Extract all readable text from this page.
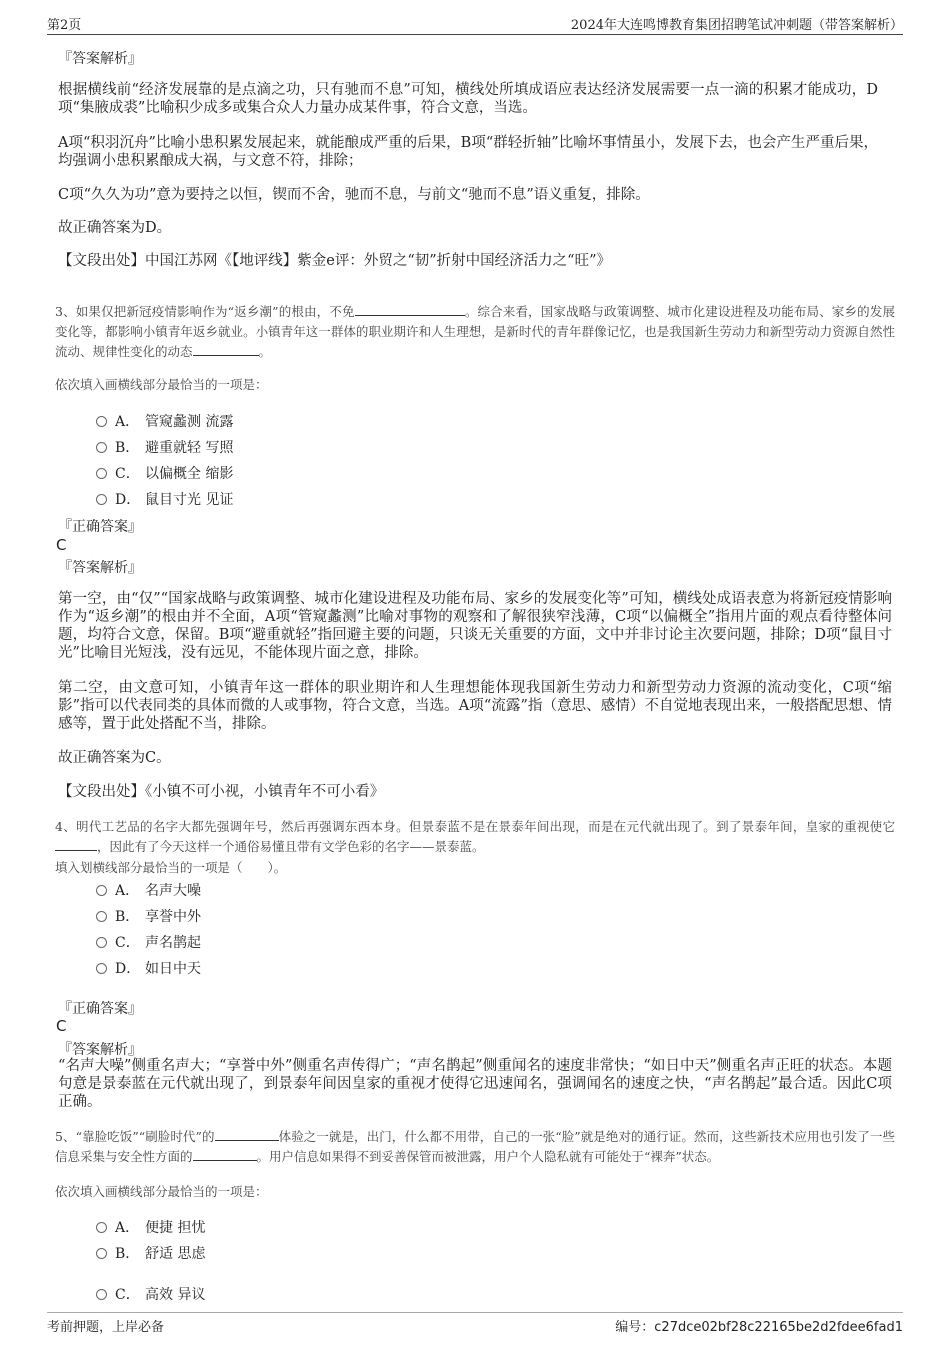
第2页	2024年大连鸣博教育集团招聘笔试冲刺题（带答案解析）
『答案解析』
根据横线前“经济发展靠的是点滴之功，只有驰而不息”可知，横线处所填成语应表达经济发展需要一点一滴的积累才能成功，D项“集腋成裘”比喻积少成多或集合众人力量办成某件事，符合文意，当选。
A项“积羽沉舟”比喻小患积累发展起来，就能酿成严重的后果，B项“群轻折轴”比喻坏事情虽小，发展下去，也会产生严重后果，均强调小患积累酿成大祸，与文意不符，排除；
C项“久久为功”意为要持之以恒，锲而不舍，驰而不息，与前文“驰而不息”语义重复，排除。
故正确答案为D。
【文段出处】中国江苏网《【地评线】紫金e评：外贸之“韧”折射中国经济活力之“旺”》
3、如果仅把新冠疫情影响作为“返乡潮”的根由，不免	。综合来看，国家战略与政策调整、城市化建设进程及功能布局、家乡的发展变化等，都影响小镇青年返乡就业。小镇青年这一群体的职业期许和人生理想，是新时代的青年群像记忆，也是我国新生劳动力和新型劳动力资源自然性流动、规律性变化的动态	。
依次填入画横线部分最恰当的一项是：
A． 管窥蠡测 流露
B． 避重就轻 写照
C． 以偏概全 缩影
D． 鼠目寸光 见证
『正确答案』
C
『答案解析』
第一空，由“仅”“国家战略与政策调整、城市化建设进程及功能布局、家乡的发展变化等”可知，横线处成语表意为将新冠疫情影响作为“返乡潮”的根由并不全面，A项“管窥蠡测”比喻对事物的观察和了解很狭窄浅薄，C项“以偏概全”指用片面的观点看待整体问题，均符合文意，保留。B项“避重就轻”指回避主要的问题，只谈无关重要的方面，文中并非讨论主次要问题，排除；D项“鼠目寸光”比喻目光短浅，没有远见，不能体现片面之意，排除。
第二空，由文意可知，小镇青年这一群体的职业期许和人生理想能体现我国新生劳动力和新型劳动力资源的流动变化，C项“缩影”指可以代表同类的具体而微的人或事物，符合文意，当选。A项“流露”指（意思、感情）不自觉地表现出来，一般搭配思想、情感等，置于此处搭配不当，排除。
故正确答案为C。
【文段出处】《小镇不可小视，小镇青年不可小看》
4、明代工艺品的名字大都先强调年号，然后再强调东西本身。但景泰蓝不是在景泰年间出现，而是在元代就出现了。到了景泰年间，皇家的重视使它，因此有了今天这样一个通俗易懂且带有文学色彩的名字——景泰蓝。
填入划横线部分最恰当的一项是（　　）。
A． 名声大噪
B． 享誉中外
C． 声名鹊起
D． 如日中天
『正确答案』
C
『答案解析』
“名声大噪”侧重名声大；“享誉中外”侧重名声传得广；“声名鹊起”侧重闻名的速度非常快；“如日中天”侧重名声正旺的状态。本题句意是景泰蓝在元代就出现了，到景泰年间因皇家的重视才使得它迅速闻名，强调闻名的速度之快，“声名鹊起”最合适。因此C项正确。
5、“靠脸吃饭”“刷脸时代”的	体验之一就是，出门，什么都不用带，自己的一张“脸”就是绝对的通行证。然而，这些新技术应用也引发了一些信息采集与安全性方面的	。用户信息如果得不到妥善保管而被泄露，用户个人隐私就有可能处于“裸奔”状态。
依次填入画横线部分最恰当的一项是：
A． 便捷 担忧
B． 舒适 思虑
C． 高效 异议
考前押题，上岸必备	编号：c27dce02bf28c22165be2d2fdee6fad1
